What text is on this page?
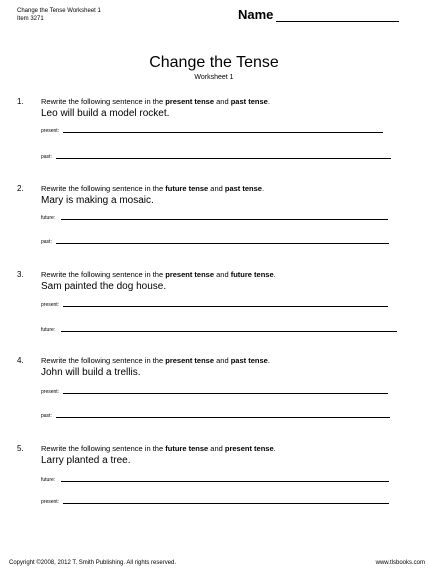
Change the Tense Worksheet 1
Item 3271	Name
Change the Tense
Worksheet 1
1. Rewrite the following sentence in the present tense and past tense.
Leo will build a model rocket.
present:
past:
2. Rewrite the following sentence in the future tense and past tense.
Mary is making a mosaic.
future:
past:
3. Rewrite the following sentence in the present tense and future tense.
Sam painted the dog house.
present:
future:
4. Rewrite the following sentence in the present tense and past tense.
John will build a trellis.
present:
past:
5. Rewrite the following sentence in the future tense and present tense.
Larry planted a tree.
future:
present:
Copyright ©2008, 2012 T. Smith Publishing. All rights reserved.	www.tlsbooks.com
